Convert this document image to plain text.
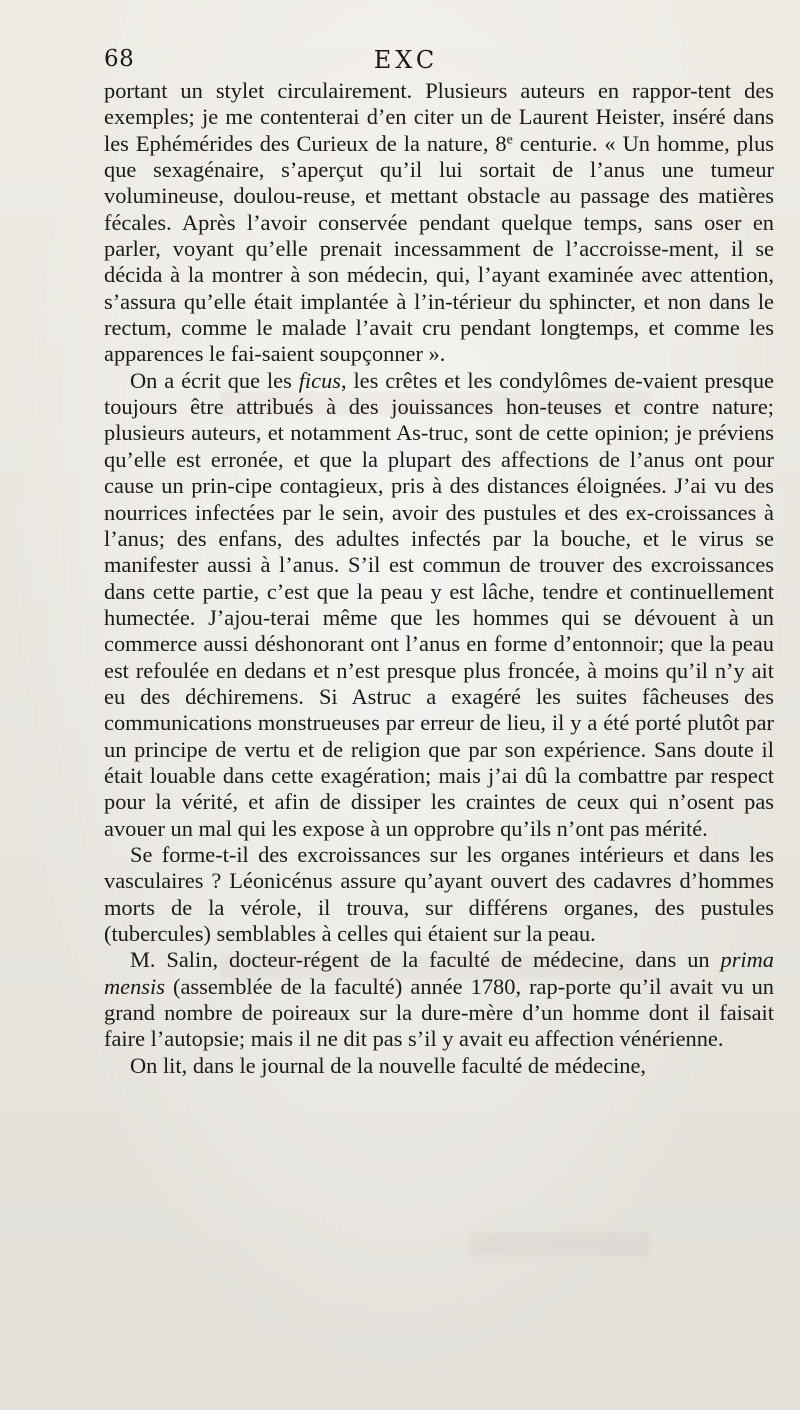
68	EXC

portant un stylet circulairement. Plusieurs auteurs en rappor-tent des exemples; je me contenterai d’en citer un de Laurent Heister, inséré dans les Ephémérides des Curieux de la nature, 8e centurie. « Un homme, plus que sexagénaire, s’aperçut qu’il lui sortait de l’anus une tumeur volumineuse, doulou-reuse, et mettant obstacle au passage des matières fécales. Après l’avoir conservée pendant quelque temps, sans oser en parler, voyant qu’elle prenait incessamment de l’accroisse-ment, il se décida à la montrer à son médecin, qui, l’ayant examinée avec attention, s’assura qu’elle était implantée à l’in-térieur du sphincter, et non dans le rectum, comme le malade l’avait cru pendant longtemps, et comme les apparences le fai-saient soupçonner ».

On a écrit que les ficus, les crêtes et les condylômes de-vaient presque toujours être attribués à des jouissances hon-teuses et contre nature; plusieurs auteurs, et notamment As-truc, sont de cette opinion; je préviens qu’elle est erronée, et que la plupart des affections de l’anus ont pour cause un prin-cipe contagieux, pris à des distances éloignées. J’ai vu des nourrices infectées par le sein, avoir des pustules et des ex-croissances à l’anus; des enfans, des adultes infectés par la bouche, et le virus se manifester aussi à l’anus. S’il est commun de trouver des excroissances dans cette partie, c’est que la peau y est lâche, tendre et continuellement humectée. J’ajou-terai même que les hommes qui se dévouent à un commerce aussi déshonorant ont l’anus en forme d’entonnoir; que la peau est refoulée en dedans et n’est presque plus froncée, à moins qu’il n’y ait eu des déchiremens. Si Astruc a exagéré les suites fâcheuses des communications monstrueuses par erreur de lieu, il y a été porté plutôt par un principe de vertu et de religion que par son expérience. Sans doute il était louable dans cette exagération; mais j’ai dû la combattre par respect pour la vérité, et afin de dissiper les craintes de ceux qui n’osent pas avouer un mal qui les expose à un opprobre qu’ils n’ont pas mérité.

Se forme-t-il des excroissances sur les organes intérieurs et dans les vasculaires ? Léonicénus assure qu’ayant ouvert des cadavres d’hommes morts de la vérole, il trouva, sur différens organes, des pustules (tubercules) semblables à celles qui étaient sur la peau.

M. Salin, docteur-régent de la faculté de médecine, dans un prima mensis (assemblée de la faculté) année 1780, rap-porte qu’il avait vu un grand nombre de poireaux sur la dure-mère d’un homme dont il faisait faire l’autopsie; mais il ne dit pas s’il y avait eu affection vénérienne.

On lit, dans le journal de la nouvelle faculté de médecine,
